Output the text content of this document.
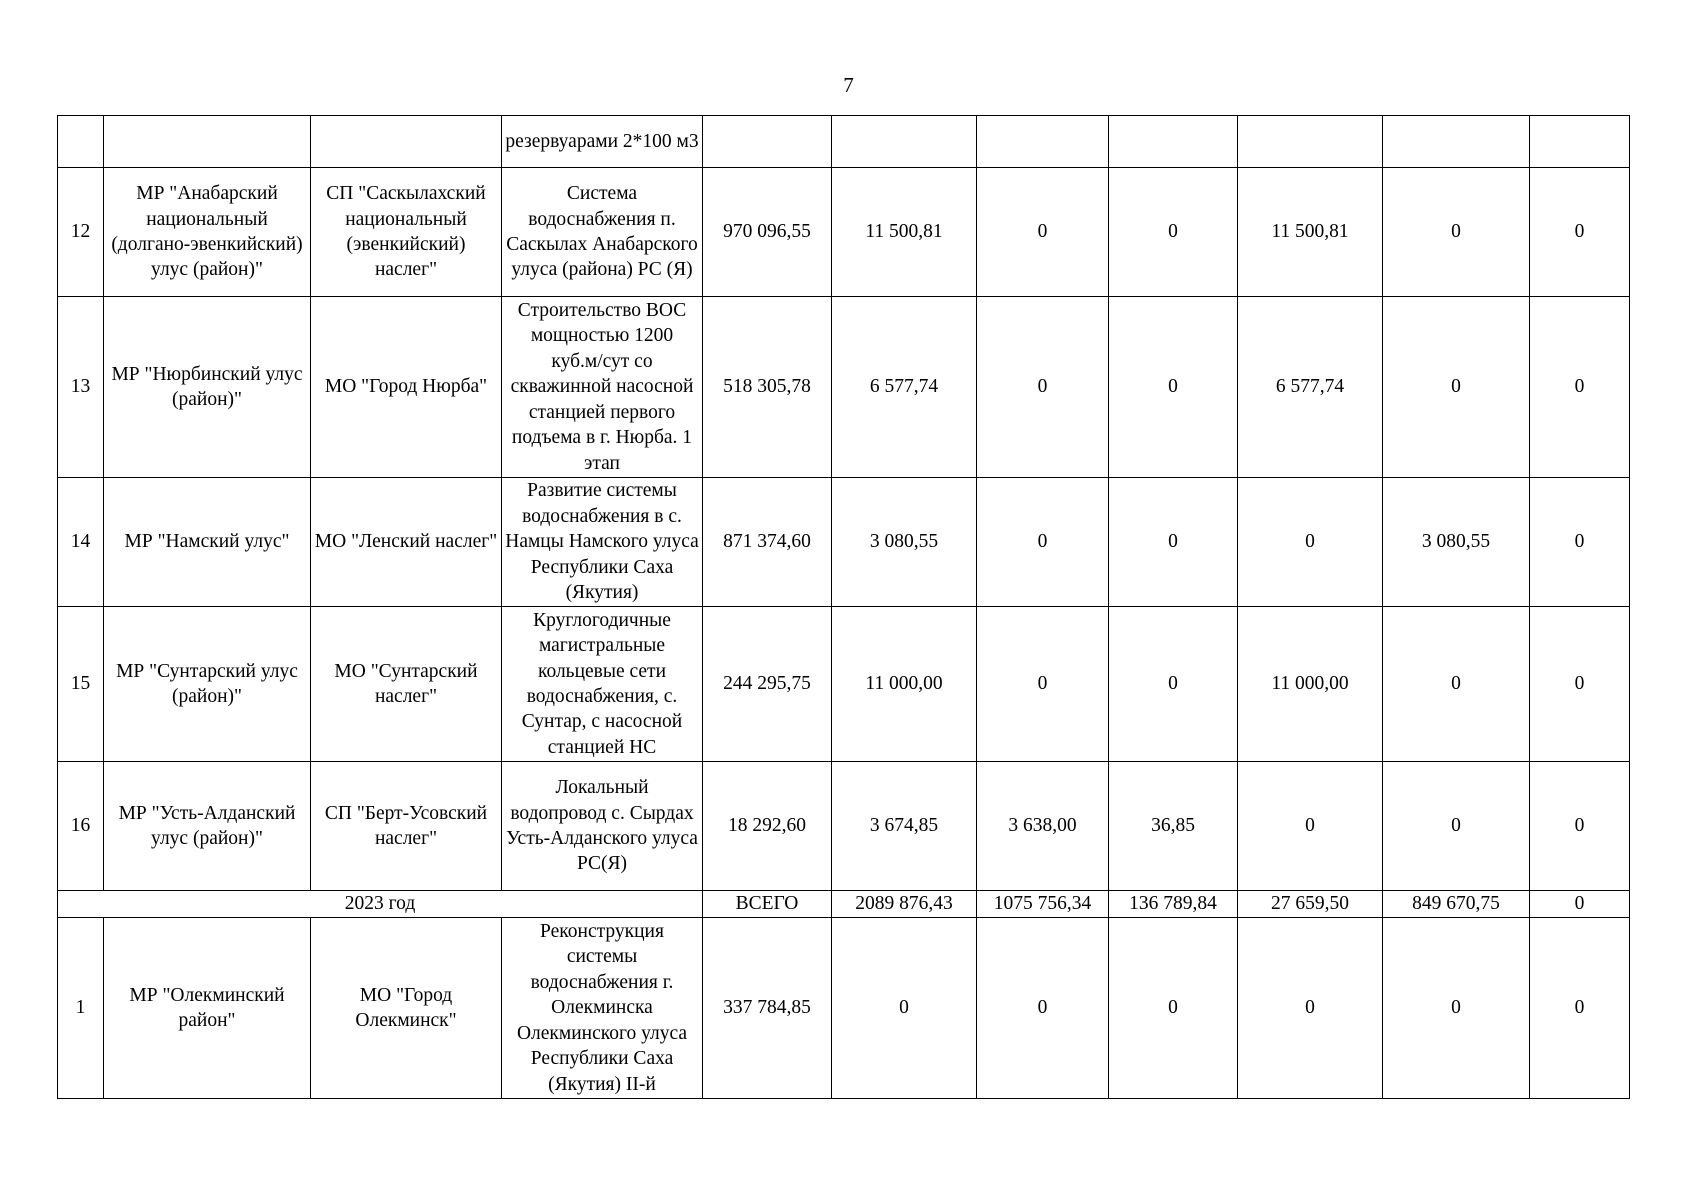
7
			резервуарами 2*100 м3							
12	МР "Анабарский национальный (долгано-эвенкийский) улус (район)"	СП "Саскылахский национальный (эвенкийский) наслег"	Система водоснабжения п. Саскылах Анабарского улуса (района) РС (Я)	970 096,55	11 500,81	0	0	11 500,81	0	0
13	МР "Нюрбинский улус (район)"	МО "Город Нюрба"	Строительство ВОС мощностью 1200 куб.м/сут со скважинной насосной станцией первого подъема в г. Нюрба. 1 этап	518 305,78	6 577,74	0	0	6 577,74	0	0
14	МР "Намский улус"	МО "Ленский наслег"	Развитие системы водоснабжения в с. Намцы Намского улуса Республики Саха (Якутия)	871 374,60	3 080,55	0	0	0	3 080,55	0
15	МР "Сунтарский улус (район)"	МО "Сунтарский наслег"	Круглогодичные магистральные кольцевые сети водоснабжения, с. Сунтар, с насосной станцией НС	244 295,75	11 000,00	0	0	11 000,00	0	0
16	МР "Усть-Алданский улус (район)"	СП "Берт-Усовский наслег"	Локальный водопровод с. Сырдах Усть-Алданского улуса РС(Я)	18 292,60	3 674,85	3 638,00	36,85	0	0	0
2023 год				ВСЕГО	2089 876,43	1075 756,34	136 789,84	27 659,50	849 670,75	0
1	МР "Олекминский район"	МО "Город Олекминск"	Реконструкция системы водоснабжения г. Олекминска Олекминского улуса Республики Саха (Якутия) II-й	337 784,85	0	0	0	0	0	0
